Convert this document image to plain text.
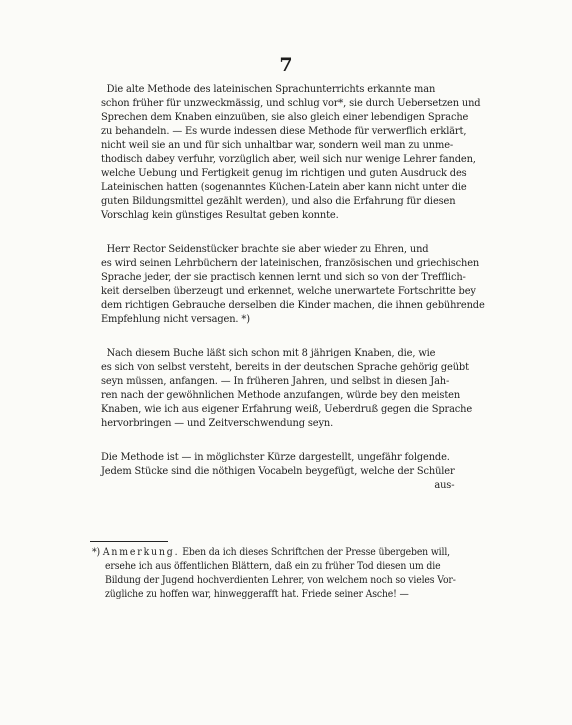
7
Die alte Methode des lateinischen Sprachunterrichts erkannte man
schon früher für unzweckmässig, und schlug vor*, sie durch Uebersetzen und
Sprechen dem Knaben einzuüben, sie also gleich einer lebendigen Sprache
zu behandeln. — Es wurde indessen diese Methode für verwerflich erklärt,
nicht weil sie an und für sich unhaltbar war, sondern weil man zu unme-
thodisch dabey verfuhr, vorzüglich aber, weil sich nur wenige Lehrer fanden,
welche Uebung und Fertigkeit genug im richtigen und guten Ausdruck des
Lateinischen hatten (sogenanntes Küchen-Latein aber kann nicht unter die
guten Bildungsmittel gezählt werden), und also die Erfahrung für diesen
Vorschlag kein günstiges Resultat geben konnte.
Herr Rector Seidenstücker brachte sie aber wieder zu Ehren, und
es wird seinen Lehrbüchern der lateinischen, französischen und griechischen
Sprache jeder, der sie practisch kennen lernt und sich so von der Trefflich-
keit derselben überzeugt und erkennet, welche unerwartete Fortschritte bey
dem richtigen Gebrauche derselben die Kinder machen, die ihnen gebührende
Empfehlung nicht versagen. *)
Nach diesem Buche läßt sich schon mit 8 jährigen Knaben, die, wie
es sich von selbst versteht, bereits in der deutschen Sprache gehörig geübt
seyn müssen, anfangen. — In früheren Jahren, und selbst in diesen Jah-
ren nach der gewöhnlichen Methode anzufangen, würde bey den meisten
Knaben, wie ich aus eigener Erfahrung weiß, Ueberdruß gegen die Sprache
hervorbringen — und Zeitverschwendung seyn.
Die Methode ist — in möglichster Kürze dargestellt, ungefähr folgende.
Jedem Stücke sind die nöthigen Vocabeln beygefügt, welche der Schüler
aus-
*) Anmerkung. Eben da ich dieses Schriftchen der Presse übergeben will,
ersehe ich aus öffentlichen Blättern, daß ein zu früher Tod diesen um die
Bildung der Jugend hochverdienten Lehrer, von welchem noch so vieles Vor-
zügliche zu hoffen war, hinweggerafft hat. Friede seiner Asche! —
